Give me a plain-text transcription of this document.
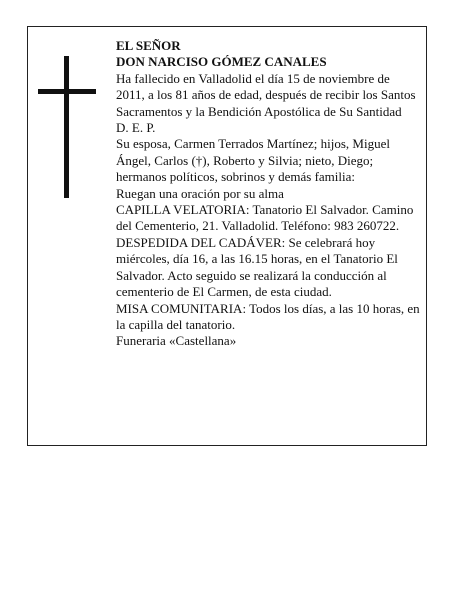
EL SEÑOR

DON NARCISO GÓMEZ CANALES

Ha fallecido en Valladolid el día 15 de noviembre de 2011, a los 81 años de edad, después de recibir los Santos Sacramentos y la Bendición Apostólica de Su Santidad

D. E. P.

Su esposa, Carmen Terrados Martínez; hijos, Miguel Ángel, Carlos (†), Roberto y Silvia; nieto, Diego; hermanos políticos, sobrinos y demás familia:

Ruegan una oración por su alma

CAPILLA VELATORIA: Tanatorio El Salvador. Camino del Cementerio, 21. Valladolid. Teléfono: 983 260722.

DESPEDIDA DEL CADÁVER: Se celebrará hoy miércoles, día 16, a las 16.15 horas, en el Tanatorio El Salvador. Acto seguido se realizará la conducción al cementerio de El Carmen, de esta ciudad.

MISA COMUNITARIA: Todos los días, a las 10 horas, en la capilla del tanatorio.

Funeraria «Castellana»
